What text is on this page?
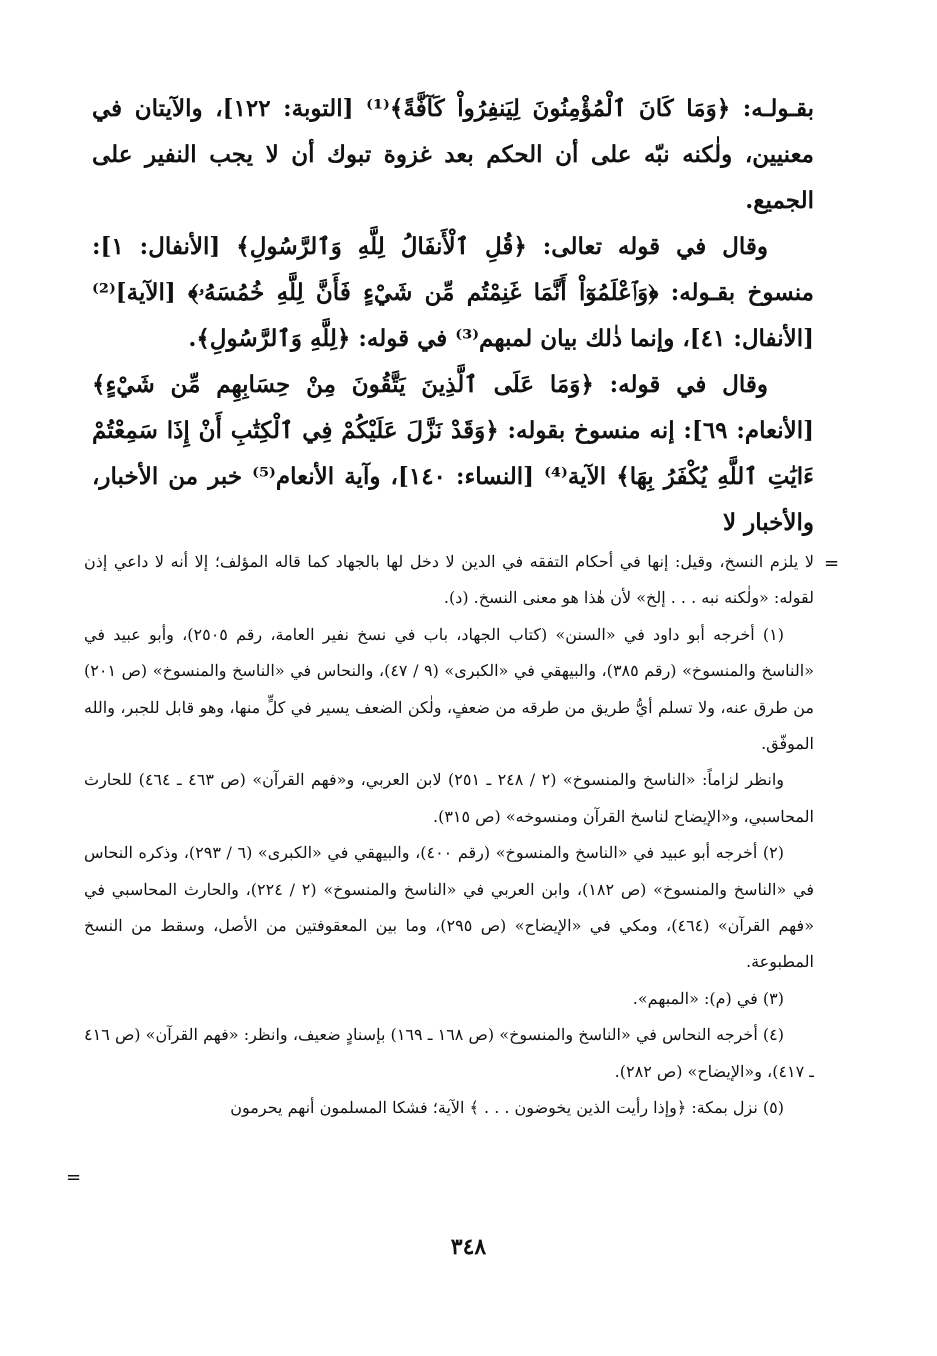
بقـولـه: ﴿وَمَا كَانَ ٱلْمُؤْمِنُونَ لِيَنفِرُواْ كَآفَّةً﴾⁽¹⁾ [التوبة: ١٢٢]، والآيتان في معنيين، ولٰكنه نبّه على أن الحكم بعد غزوة تبوك أن لا يجب النفير على الجميع.

وقال في قوله تعالى: ﴿قُلِ ٱلْأَنفَالُ لِلَّهِ وَٱلرَّسُولِ﴾ [الأنفال: ١]: منسوخ بقـوله: ﴿وَٱعْلَمُوٓاْ أَنَّمَا غَنِمْتُم مِّن شَيْءٍ فَأَنَّ لِلَّهِ خُمُسَهُۥ﴾ [الآية]⁽²⁾ [الأنفال: ٤١]، وإنما ذٰلك بيان لمبهم⁽³⁾ في قوله: ﴿لِلَّهِ وَٱلرَّسُولِ﴾.

وقال في قوله: ﴿وَمَا عَلَى ٱلَّذِينَ يَتَّقُونَ مِنْ حِسَابِهِم مِّن شَيْءٍ﴾ [الأنعام: ٦٩]: إنه منسوخ بقوله: ﴿وَقَدْ نَزَّلَ عَلَيْكُمْ فِي ٱلْكِتَٰبِ أَنْ إِذَا سَمِعْتُمْ ءَايَٰتِ ٱللَّهِ يُكْفَرُ بِهَا﴾ الآية⁽⁴⁾ [النساء: ١٤٠]، وآية الأنعام⁽⁵⁾ خبر من الأخبار، والأخبار لا

=

لا يلزم النسخ، وقيل: إنها في أحكام التفقه في الدين لا دخل لها بالجهاد كما قاله المؤلف؛ إلا أنه لا داعي إذن لقوله: «ولٰكنه نبه . . . إلخ» لأن هٰذا هو معنى النسخ. (د).

(١) أخرجه أبو داود في «السنن» (كتاب الجهاد، باب في نسخ نفير العامة، رقم ٢٥٠٥)، وأبو عبيد في «الناسخ والمنسوخ» (رقم ٣٨٥)، والبيهقي في «الكبرى» (٩ / ٤٧)، والنحاس في «الناسخ والمنسوخ» (ص ٢٠١) من طرق عنه، ولا تسلم أيُّ طريق من طرقه من ضعفٍ، ولٰكن الضعف يسير في كلٍّ منها، وهو قابل للجبر، والله الموفّق.

وانظر لزاماً: «الناسخ والمنسوخ» (٢ / ٢٤٨ ـ ٢٥١) لابن العربي، و«فهم القرآن» (ص ٤٦٣ ـ ٤٦٤) للحارث المحاسبي، و«الإيضاح لناسخ القرآن ومنسوخه» (ص ٣١٥).

(٢) أخرجه أبو عبيد في «الناسخ والمنسوخ» (رقم ٤٠٠)، والبيهقي في «الكبرى» (٦ / ٢٩٣)، وذكره النحاس في «الناسخ والمنسوخ» (ص ١٨٢)، وابن العربي في «الناسخ والمنسوخ» (٢ / ٢٢٤)، والحارث المحاسبي في «فهم القرآن» (٤٦٤)، ومكي في «الإيضاح» (ص ٢٩٥)، وما بين المعقوفتين من الأصل، وسقط من النسخ المطبوعة.

(٣) في (م): «المبهم».

(٤) أخرجه النحاس في «الناسخ والمنسوخ» (ص ١٦٨ ـ ١٦٩) بإسنادٍ ضعيف، وانظر: «فهم القرآن» (ص ٤١٦ ـ ٤١٧)، و«الإيضاح» (ص ٢٨٢).

(٥) نزل بمكة: ﴿وإذا رأيت الذين يخوضون . . . ﴾ الآية؛ فشكا المسلمون أنهم يحرمون

=
٣٤٨
